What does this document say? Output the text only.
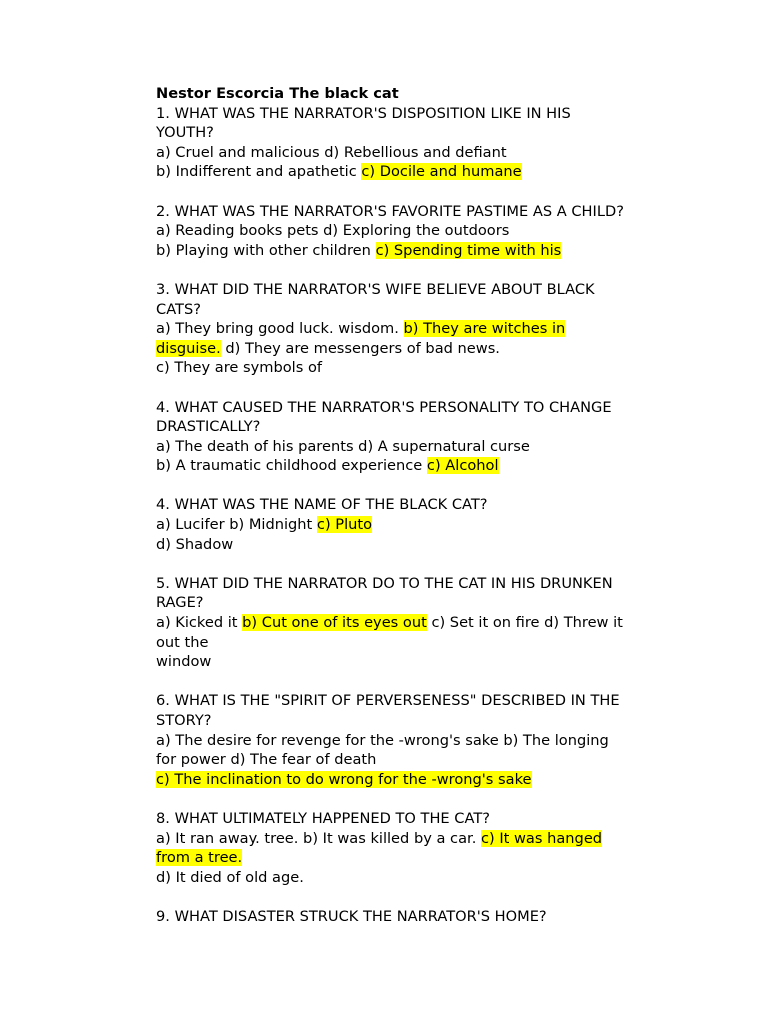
Nestor Escorcia The black cat
1. WHAT WAS THE NARRATOR'S DISPOSITION LIKE IN HIS
YOUTH?
a) Cruel and malicious d) Rebellious and defiant
b) Indifferent and apathetic c) Docile and humane
2. WHAT WAS THE NARRATOR'S FAVORITE PASTIME AS A CHILD?
a) Reading books pets d) Exploring the outdoors
b) Playing with other children c) Spending time with his
3. WHAT DID THE NARRATOR'S WIFE BELIEVE ABOUT BLACK
CATS?
a) They bring good luck. wisdom. b) They are witches in
disguise. d) They are messengers of bad news.
c) They are symbols of
4. WHAT CAUSED THE NARRATOR'S PERSONALITY TO CHANGE
DRASTICALLY?
a) The death of his parents d) A supernatural curse
b) A traumatic childhood experience c) Alcohol
4. WHAT WAS THE NAME OF THE BLACK CAT?
a) Lucifer b) Midnight c) Pluto
d) Shadow
5. WHAT DID THE NARRATOR DO TO THE CAT IN HIS DRUNKEN
RAGE?
a) Kicked it b) Cut one of its eyes out c) Set it on fire d) Threw it
out the
window
6. WHAT IS THE "SPIRIT OF PERVERSENESS" DESCRIBED IN THE
STORY?
a) The desire for revenge for the -wrong's sake b) The longing
for power d) The fear of death
c) The inclination to do wrong for the -wrong's sake
8. WHAT ULTIMATELY HAPPENED TO THE CAT?
a) It ran away. tree. b) It was killed by a car. c) It was hanged
from a tree.
d) It died of old age.
9. WHAT DISASTER STRUCK THE NARRATOR'S HOME?
